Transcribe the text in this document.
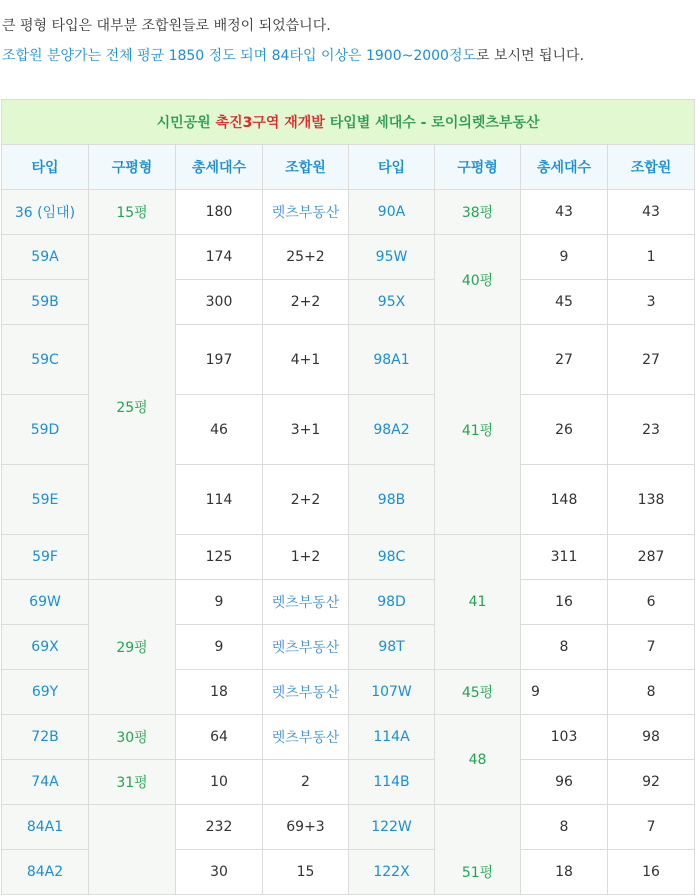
큰 평형 타입은 대부분 조합원들로 배정이 되었씁니다.

조합원 분양가는 전체 평균 1850 정도 되며 84타입 이상은 1900~2000정도로 보시면 됩니다.

시민공원 촉진3구역 재개발 타입별 세대수 - 로이의렛츠부동산							
타입	구평형	총세대수	조합원	타입	구평형	총세대수	조합원
36 (임대)	15평	180	렛츠부동산	90A	38평	43	43
59A	25평	174	25+2	95W	40평	9	1
59B		300	2+2	95X		45	3
59C		197	4+1	98A1	41평	27	27
59D		46	3+1	98A2		26	23
59E		114	2+2	98B		148	138
59F		125	1+2	98C	41	311	287
69W	29평	9	렛츠부동산	98D		16	6
69X		9	렛츠부동산	98T		8	7
69Y		18	렛츠부동산	107W	45평	9	8
72B	30평	64	렛츠부동산	114A	48	103	98
74A	31평	10	2	114B		96	92
84A1		232	69+3	122W	51평	8	7
84A2		30	15	122X		18	16
